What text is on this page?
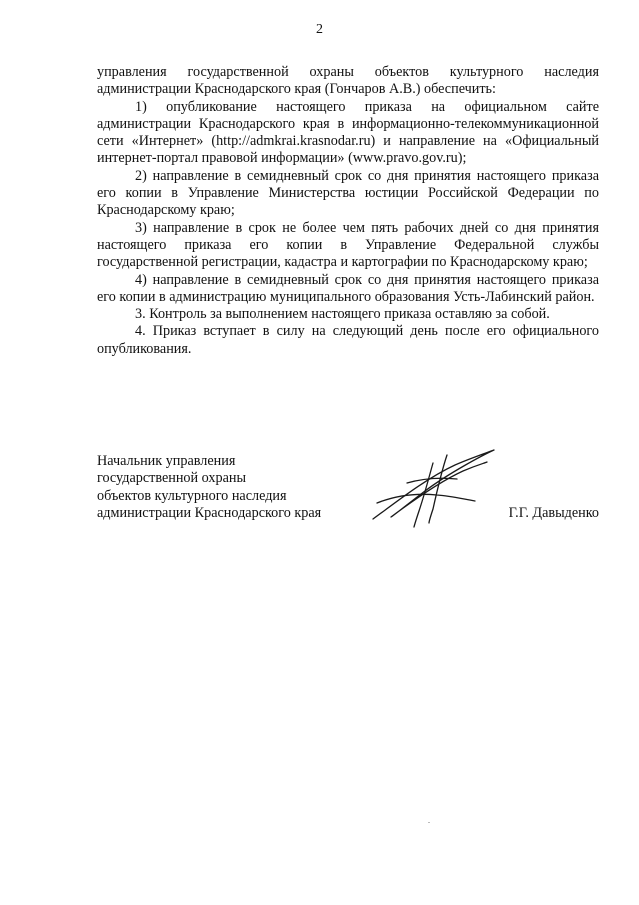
2

управления государственной охраны объектов культурного наследия администрации Краснодарского края (Гончаров А.В.) обеспечить:

1) опубликование настоящего приказа на официальном сайте администрации Краснодарского края в информационно-телекоммуникационной сети «Интернет» (http://admkrai.krasnodar.ru) и направление на «Официальный интернет-портал правовой информации» (www.pravo.gov.ru);

2) направление в семидневный срок со дня принятия настоящего приказа его копии в Управление Министерства юстиции Российской Федерации по Краснодарскому краю;

3) направление в срок не более чем пять рабочих дней со дня принятия настоящего приказа его копии в Управление Федеральной службы государственной регистрации, кадастра и картографии по Краснодарскому краю;

4) направление в семидневный срок со дня принятия настоящего приказа его копии в администрацию муниципального образования Усть-Лабинский район.

3. Контроль за выполнением настоящего приказа оставляю за собой.

4. Приказ вступает в силу на следующий день после его официального опубликования.

Начальник управления
государственной охраны
объектов культурного наследия
администрации Краснодарского края	Г.Г. Давыденко
